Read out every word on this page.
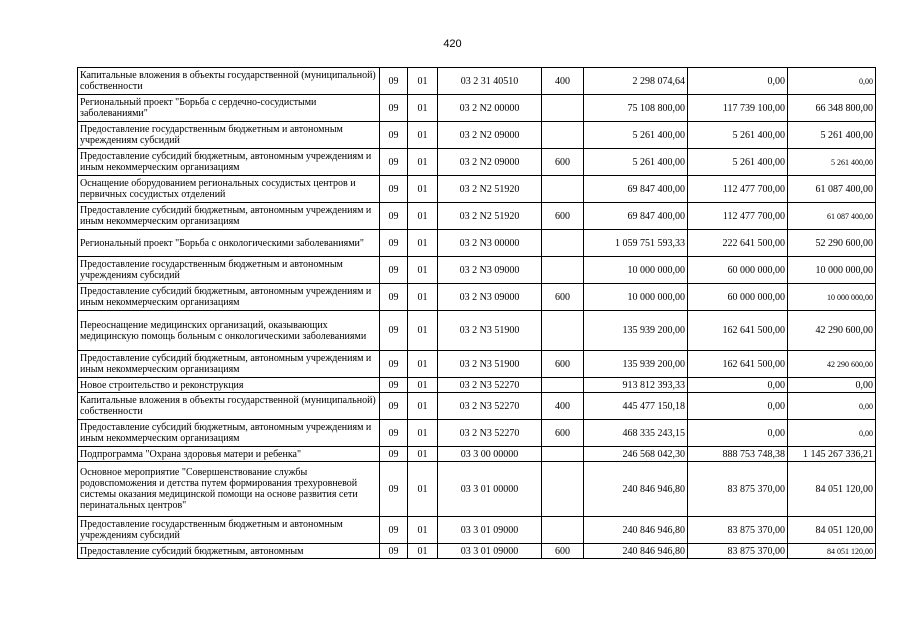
420
Капитальные вложения в объекты государственной (муниципальной) собственности	09	01	03 2 31 40510	400	2 298 074,64	0,00	0,00
Региональный проект "Борьба с сердечно-сосудистыми заболеваниями"	09	01	03 2 N2 00000		75 108 800,00	117 739 100,00	66 348 800,00
Предоставление государственным бюджетным и автономным учреждениям субсидий	09	01	03 2 N2 09000		5 261 400,00	5 261 400,00	5 261 400,00
Предоставление субсидий бюджетным, автономным учреждениям и иным некоммерческим организациям	09	01	03 2 N2 09000	600	5 261 400,00	5 261 400,00	5 261 400,00
Оснащение оборудованием региональных сосудистых центров и первичных сосудистых отделений	09	01	03 2 N2 51920		69 847 400,00	112 477 700,00	61 087 400,00
Предоставление субсидий бюджетным, автономным учреждениям и иным некоммерческим организациям	09	01	03 2 N2 51920	600	69 847 400,00	112 477 700,00	61 087 400,00
Региональный проект "Борьба с онкологическими заболеваниями"	09	01	03 2 N3 00000		1 059 751 593,33	222 641 500,00	52 290 600,00
Предоставление государственным бюджетным и автономным учреждениям субсидий	09	01	03 2 N3 09000		10 000 000,00	60 000 000,00	10 000 000,00
Предоставление субсидий бюджетным, автономным учреждениям и иным некоммерческим организациям	09	01	03 2 N3 09000	600	10 000 000,00	60 000 000,00	10 000 000,00
Переоснащение медицинских организаций, оказывающих медицинскую помощь больным с онкологическими заболеваниями	09	01	03 2 N3 51900		135 939 200,00	162 641 500,00	42 290 600,00
Предоставление субсидий бюджетным, автономным учреждениям и иным некоммерческим организациям	09	01	03 2 N3 51900	600	135 939 200,00	162 641 500,00	42 290 600,00
Новое строительство и реконструкция	09	01	03 2 N3 52270		913 812 393,33	0,00	0,00
Капитальные вложения в объекты государственной (муниципальной) собственности	09	01	03 2 N3 52270	400	445 477 150,18	0,00	0,00
Предоставление субсидий бюджетным, автономным учреждениям и иным некоммерческим организациям	09	01	03 2 N3 52270	600	468 335 243,15	0,00	0,00
Подпрограмма "Охрана здоровья матери и ребенка"	09	01	03 3 00 00000		246 568 042,30	888 753 748,38	1 145 267 336,21
Основное мероприятие "Совершенствование службы родовспоможения и детства путем формирования трехуровневой системы оказания медицинской помощи на основе развития сети перинатальных центров"	09	01	03 3 01 00000		240 846 946,80	83 875 370,00	84 051 120,00
Предоставление государственным бюджетным и автономным учреждениям субсидий	09	01	03 3 01 09000		240 846 946,80	83 875 370,00	84 051 120,00
Предоставление субсидий бюджетным, автономным	09	01	03 3 01 09000	600	240 846 946,80	83 875 370,00	84 051 120,00
